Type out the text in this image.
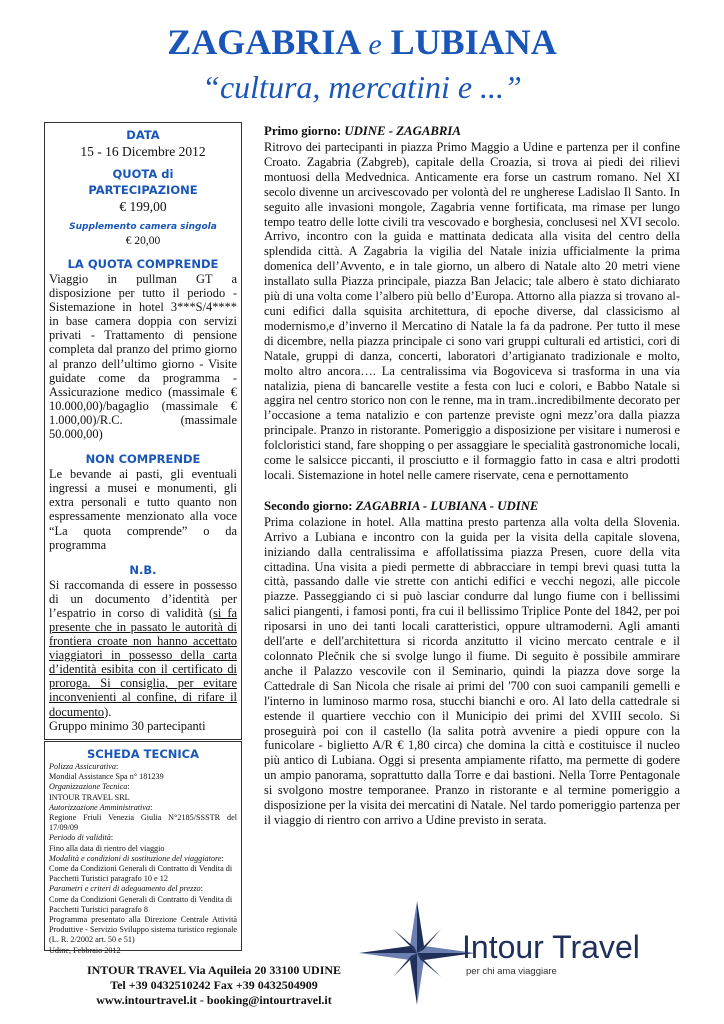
ZAGABRIA e LUBIANA
“cultura, mercatini e ...”
DATA
15 - 16 Dicembre 2012
QUOTA di
PARTECIPAZIONE
€ 199,00
Supplemento camera singola
€ 20,00
LA QUOTA COMPRENDE
Viaggio in pullman GT a disposizione per tutto il periodo - Sistemazione in hotel 3***S/4**** in base camera doppia con servizi privati - Trattamento di pensione completa dal pranzo del primo giorno al pranzo dell’ultimo giorno - Visite guidate come da programma - Assicurazione medico (massimale € 10.000,00)/bagaglio (massimale € 1.000,00)/R.C. (massimale 50.000,00)
NON COMPRENDE
Le bevande ai pasti, gli eventuali ingressi a musei e monumenti, gli extra personali e tutto quanto non espressamente menzionato alla voce “La quota comprende” o da programma
N.B.
Si raccomanda di essere in possesso di un documento d’identità per l’espatrio in corso di validità (si fa presente che in passato le autorità di frontiera croate non hanno accettato viaggiatori in possesso della carta d’identità esibita con il certificato di proroga. Si consiglia, per evitare inconvenienti al confine, di rifare il documento).
Gruppo minimo 30 partecipanti
SCHEDA TECNICA
Polizza Assicurativa:
Mondial Assistance Spa n° 181239
Organizzazione Tecnica:
INTOUR TRAVEL SRL
Autorizzazione Amministrativa:
Regione Friuli Venezia Giulia N°2185/SSSTR del 17/09/09
Periodo di validità:
Fino alla data di rientro del viaggio
Modalità e condizioni di sostituzione del viaggiatore:
Come da Condizioni Generali di Contratto di Vendita di Pacchetti Turistici paragrafo 10 e 12
Parametri e criteri di adeguamento del prezzo:
Come da Condizioni Generali di Contratto di Vendita di Pacchetti Turistici paragrafo 8
Programma presentato alla Direzione Centrale Attività Produttive - Servizio Sviluppo sistema turistico regionale (L. R. 2/2002 art. 50 e 51)
Udine, Febbraio 2012
Primo giorno: UDINE - ZAGABRIA
Ritrovo dei partecipanti in piazza Primo Maggio a Udine e partenza per il confine Croato. Zagabria (Zabgreb), capitale della Croazia, si trova ai piedi dei rilievi montuosi della Medvednica. Anticamente era forse un castrum romano. Nel XI secolo divenne un arcivescovado per volontà del re ungherese Ladislao Il Santo. In seguito alle invasioni mongole, Zagabria venne fortificata, ma rimase per lungo tempo teatro delle lotte civili tra vescovado e borghesia, conclusesi nel XVI secolo. Arrivo, incontro con la guida e mattinata dedicata alla visita del centro della splendida città. A Zagabria la vigilia del Natale inizia ufficialmente la prima domenica dell’Avvento, e in tale giorno, un albero di Natale alto 20 metri viene installato sulla Piazza principale, piazza Ban Jelacic; tale albero è stato dichiarato più di una volta come l’albero più bello d’Europa. Attorno alla piazza si trovano al-cuni edifici dalla squisita architettura, di epoche diverse, dal classicismo al modernismo,e d’inverno il Mercatino di Natale la fa da padrone. Per tutto il mese di dicembre, nella piazza principale ci sono vari gruppi culturali ed artistici, cori di Natale, gruppi di danza, concerti, laboratori d’artigianato tradizionale e molto, molto altro ancora…. La centralissima via Bogoviceva si trasforma in una via natalizia, piena di bancarelle vestite a festa con luci e colori, e Babbo Natale si aggira nel centro storico non con le renne, ma in tram..incredibilmente decorato per l’occasione a tema natalizio e con partenze previste ogni mezz’ora dalla piazza principale. Pranzo in ristorante. Pomeriggio a disposizione per visitare i numerosi e folcloristici stand, fare shopping o per assaggiare le specialità gastronomiche locali, come le salsicce piccanti, il prosciutto e il formaggio fatto in casa e altri prodotti locali. Sistemazione in hotel nelle camere riservate, cena e pernottamento
Secondo giorno: ZAGABRIA - LUBIANA - UDINE
Prima colazione in hotel. Alla mattina presto partenza alla volta della Slovenia. Arrivo a Lubiana e incontro con la guida per la visita della capitale slovena, iniziando dalla centralissima e affollatissima piazza Presen, cuore della vita cittadina. Una visita a piedi permette di abbracciare in tempi brevi quasi tutta la città, passando dalle vie strette con antichi edifici e vecchi negozi, alle piccole piazze. Passeggiando ci si può lasciar condurre dal lungo fiume con i bellissimi salici piangenti, i famosi ponti, fra cui il bellissimo Triplice Ponte del 1842, per poi riposarsi in uno dei tanti locali caratteristici, oppure ultramoderni. Agli amanti dell'arte e dell'architettura si ricorda anzitutto il vicino mercato centrale e il colonnato Plečnik che si svolge lungo il fiume. Di seguito è possibile ammirare anche il Palazzo vescovile con il Seminario, quindi la piazza dove sorge la Cattedrale di San Nicola che risale ai primi del '700 con suoi campanili gemelli e l'interno in luminoso marmo rosa, stucchi bianchi e oro. Al lato della cattedrale si estende il quartiere vecchio con il Municipio dei primi del XVIII secolo. Si proseguirà poi con il castello (la salita potrà avvenire a piedi oppure con la funicolare - biglietto A/R € 1,80 circa) che domina la città e costituisce il nucleo più antico di Lubiana. Oggi si presenta ampiamente rifatto, ma permette di godere un ampio panorama, soprattutto dalla Torre e dai bastioni. Nella Torre Pentagonale si svolgono mostre temporanee. Pranzo in ristorante e al termine pomeriggio a disposizione per la visita dei mercatini di Natale. Nel tardo pomeriggio partenza per il viaggio di rientro con arrivo a Udine previsto in serata.
INTOUR TRAVEL Via Aquileia 20 33100 UDINE
Tel +39 0432510242 Fax +39 0432504909
www.intourtravel.it - booking@intourtravel.it
Intour Travel
per chi ama viaggiare
